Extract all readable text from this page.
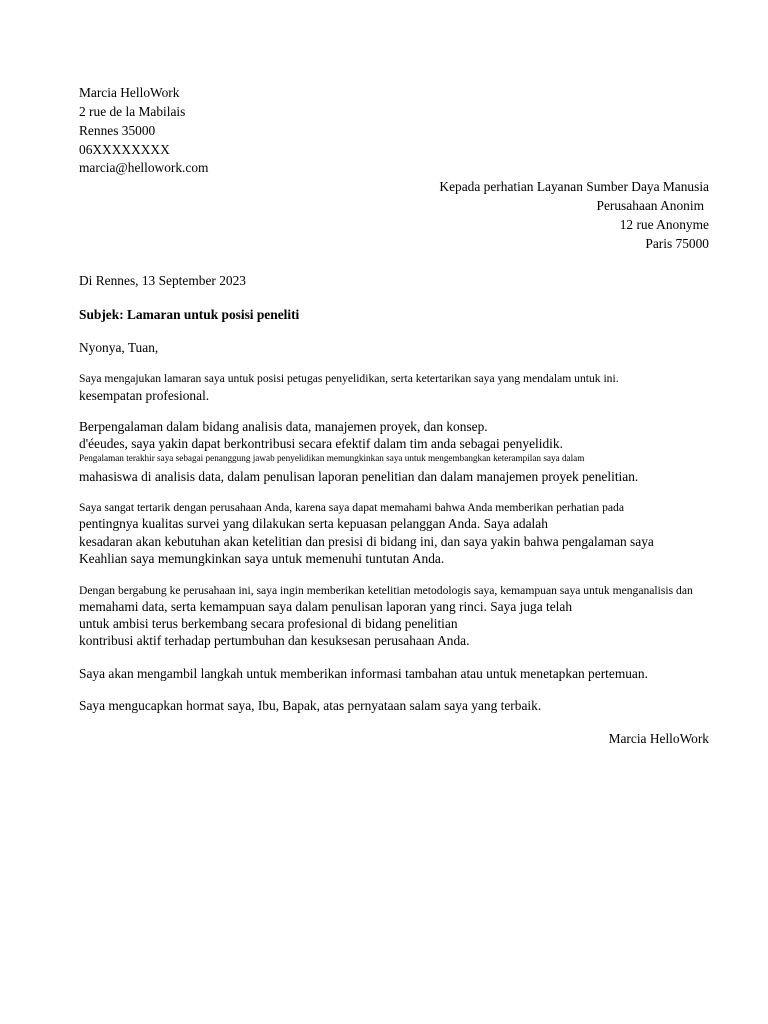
Marcia HelloWork
2 rue de la Mabilais
Rennes 35000
06XXXXXXXX
marcia@hellowork.com
Kepada perhatian Layanan Sumber Daya Manusia
Perusahaan Anonim
12 rue Anonyme
Paris 75000
Di Rennes, 13 September 2023
Subjek: Lamaran untuk posisi peneliti
Nyonya, Tuan,
Saya mengajukan lamaran saya untuk posisi petugas penyelidikan, serta ketertarikan saya yang mendalam untuk ini.
kesempatan profesional.
Berpengalaman dalam bidang analisis data, manajemen proyek, dan konsep.
d'éeudes, saya yakin dapat berkontribusi secara efektif dalam tim anda sebagai penyelidik.
Pengalaman terakhir saya sebagai penanggung jawab penyelidikan memungkinkan saya untuk mengembangkan keterampilan saya dalam
mahasiswa di analisis data, dalam penulisan laporan penelitian dan dalam manajemen proyek penelitian.
Saya sangat tertarik dengan perusahaan Anda, karena saya dapat memahami bahwa Anda memberikan perhatian pada
pentingnya kualitas survei yang dilakukan serta kepuasan pelanggan Anda. Saya adalah
kesadaran akan kebutuhan akan ketelitian dan presisi di bidang ini, dan saya yakin bahwa pengalaman saya
Keahlian saya memungkinkan saya untuk memenuhi tuntutan Anda.
Dengan bergabung ke perusahaan ini, saya ingin memberikan ketelitian metodologis saya, kemampuan saya untuk menganalisis dan
memahami data, serta kemampuan saya dalam penulisan laporan yang rinci. Saya juga telah
untuk ambisi terus berkembang secara profesional di bidang penelitian
kontribusi aktif terhadap pertumbuhan dan kesuksesan perusahaan Anda.
Saya akan mengambil langkah untuk memberikan informasi tambahan atau untuk menetapkan pertemuan.
Saya mengucapkan hormat saya, Ibu, Bapak, atas pernyataan salam saya yang terbaik.
Marcia HelloWork
